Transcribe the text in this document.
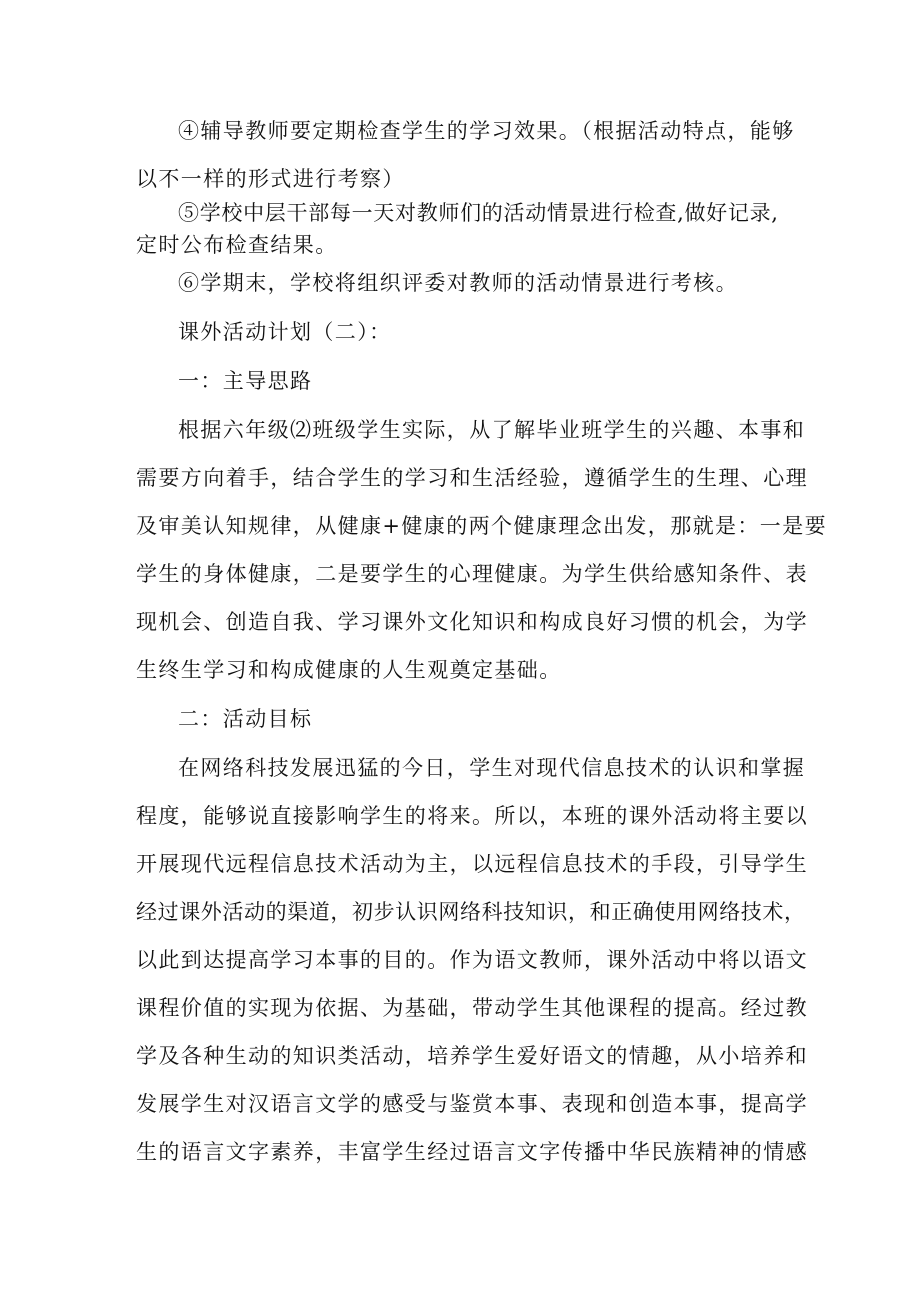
④辅导教师要定期检查学生的学习效果。（根据活动特点，能够
以不一样的形式进行考察）
⑤学校中层干部每一天对教师们的活动情景进行检查,做好记录,
定时公布检查结果。
⑥学期末，学校将组织评委对教师的活动情景进行考核。
课外活动计划（二）：
一：主导思路
根据六年级⑵班级学生实际，从了解毕业班学生的兴趣、本事和
需要方向着手，结合学生的学习和生活经验，遵循学生的生理、心理
及审美认知规律，从健康+健康的两个健康理念出发，那就是：一是要
学生的身体健康，二是要学生的心理健康。为学生供给感知条件、表
现机会、创造自我、学习课外文化知识和构成良好习惯的机会，为学
生终生学习和构成健康的人生观奠定基础。
二：活动目标
在网络科技发展迅猛的今日，学生对现代信息技术的认识和掌握
程度，能够说直接影响学生的将来。所以，本班的课外活动将主要以
开展现代远程信息技术活动为主，以远程信息技术的手段，引导学生
经过课外活动的渠道，初步认识网络科技知识，和正确使用网络技术，
以此到达提高学习本事的目的。作为语文教师，课外活动中将以语文
课程价值的实现为依据、为基础，带动学生其他课程的提高。经过教
学及各种生动的知识类活动，培养学生爱好语文的情趣，从小培养和
发展学生对汉语言文学的感受与鉴赏本事、表现和创造本事，提高学
生的语言文字素养，丰富学生经过语言文字传播中华民族精神的情感
